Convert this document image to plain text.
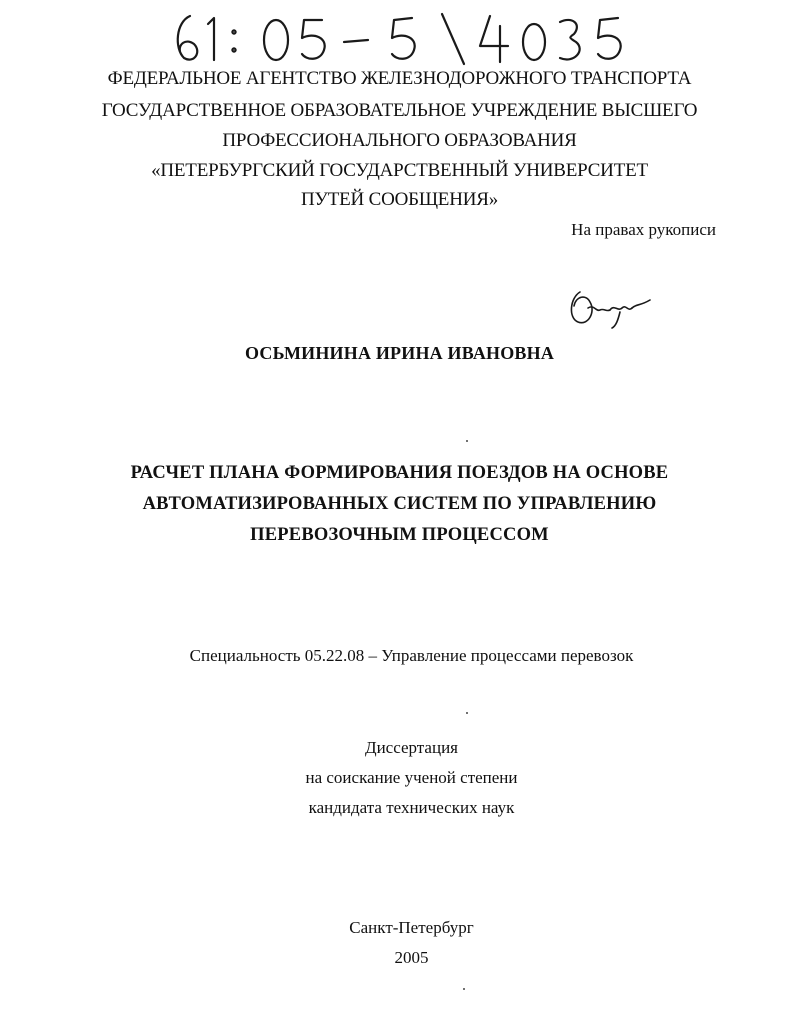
ФЕДЕРАЛЬНОЕ АГЕНТСТВО ЖЕЛЕЗНОДОРОЖНОГО ТРАНСПОРТА
ГОСУДАРСТВЕННОЕ ОБРАЗОВАТЕЛЬНОЕ УЧРЕЖДЕНИЕ ВЫСШЕГО
ПРОФЕССИОНАЛЬНОГО ОБРАЗОВАНИЯ
«ПЕТЕРБУРГСКИЙ ГОСУДАРСТВЕННЫЙ УНИВЕРСИТЕТ
ПУТЕЙ СООБЩЕНИЯ»
На правах рукописи
ОСЬМИНИНА ИРИНА ИВАНОВНА
РАСЧЕТ ПЛАНА ФОРМИРОВАНИЯ ПОЕЗДОВ НА ОСНОВЕ
АВТОМАТИЗИРОВАННЫХ СИСТЕМ ПО УПРАВЛЕНИЮ
ПЕРЕВОЗОЧНЫМ ПРОЦЕССОМ
Специальность 05.22.08 – Управление процессами перевозок
Диссертация
на соискание ученой степени
кандидата технических наук
Санкт-Петербург
2005
